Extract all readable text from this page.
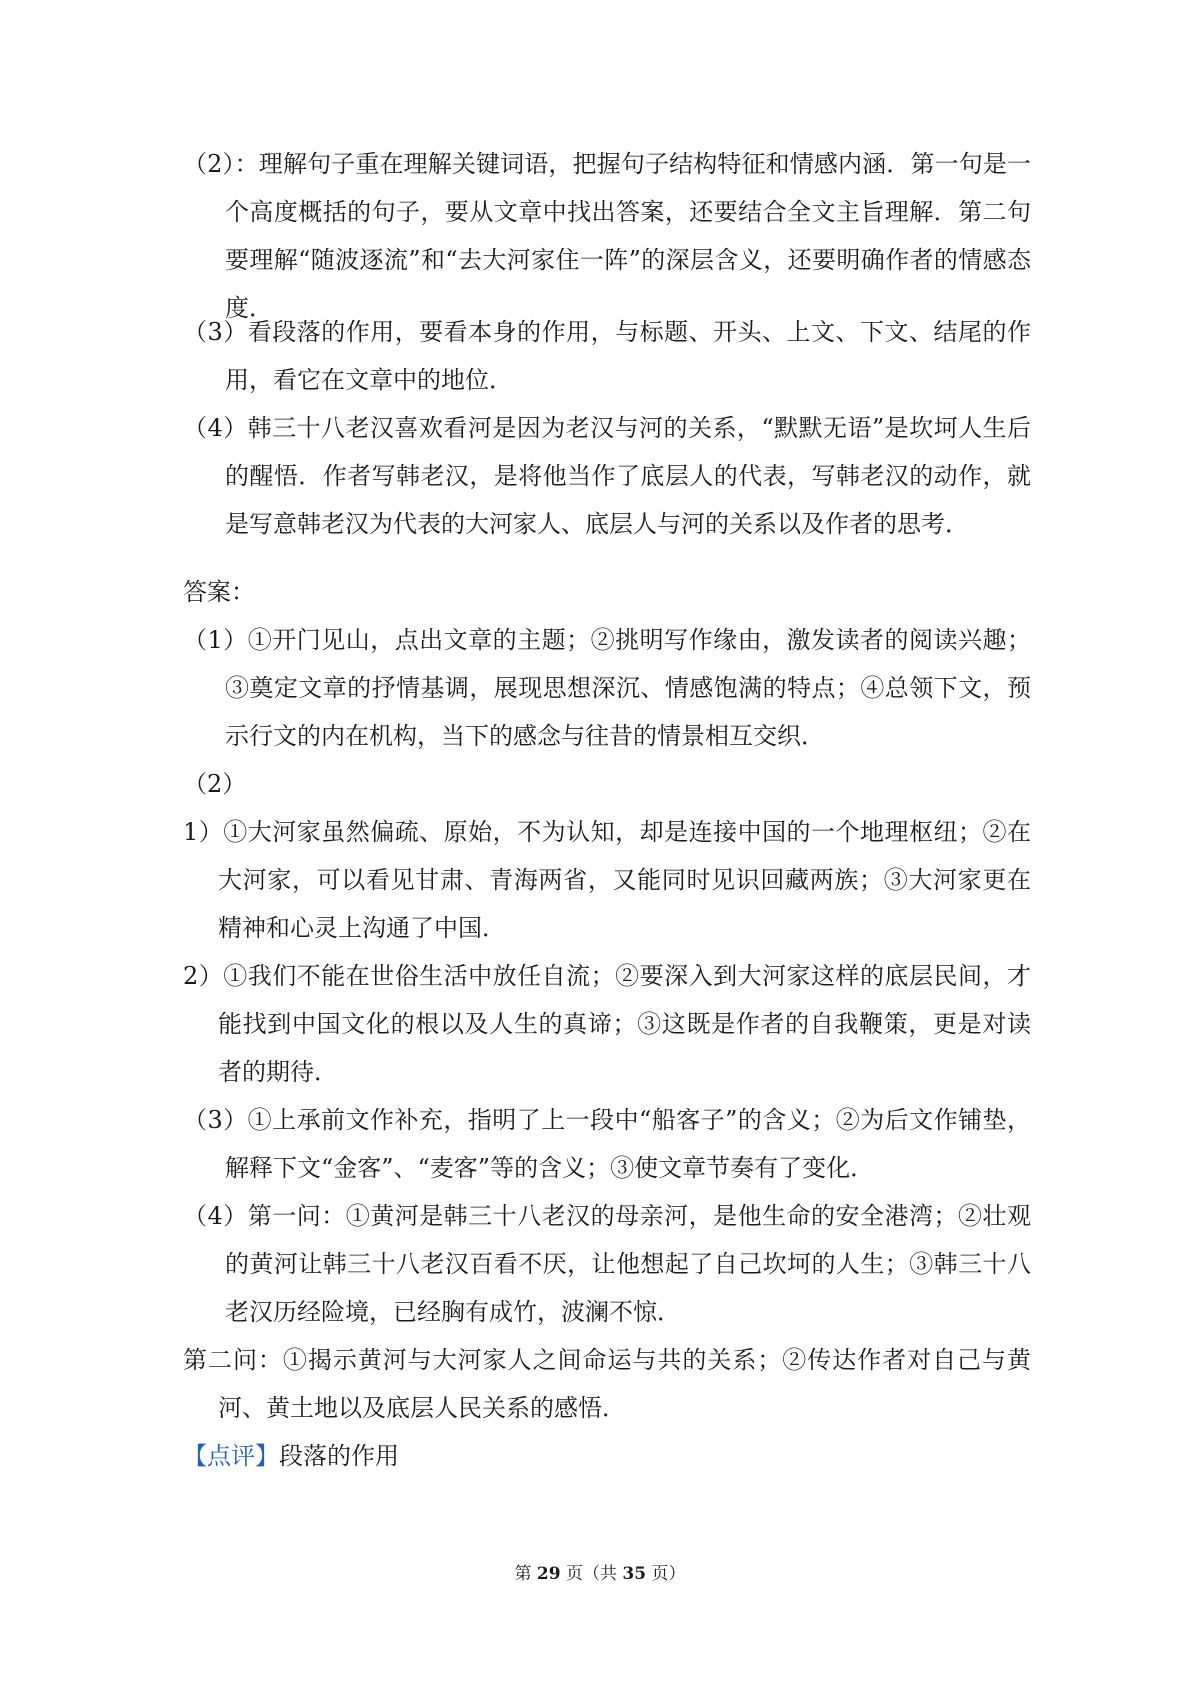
（2）：理解句子重在理解关键词语，把握句子结构特征和情感内涵．第一句是一个高度概括的句子，要从文章中找出答案，还要结合全文主旨理解．第二句要理解“随波逐流”和“去大河家住一阵”的深层含义，还要明确作者的情感态度．
（3）看段落的作用，要看本身的作用，与标题、开头、上文、下文、结尾的作用，看它在文章中的地位．
（4）韩三十八老汉喜欢看河是因为老汉与河的关系，“默默无语”是坎坷人生后的醒悟．作者写韩老汉，是将他当作了底层人的代表，写韩老汉的动作，就是写意韩老汉为代表的大河家人、底层人与河的关系以及作者的思考．
答案：
（1）①开门见山，点出文章的主题；②挑明写作缘由，激发读者的阅读兴趣；③奠定文章的抒情基调，展现思想深沉、情感饱满的特点；④总领下文，预示行文的内在机构，当下的感念与往昔的情景相互交织．
（2）
1）①大河家虽然偏疏、原始，不为认知，却是连接中国的一个地理枢纽；②在大河家，可以看见甘肃、青海两省，又能同时见识回藏两族；③大河家更在精神和心灵上沟通了中国．
2）①我们不能在世俗生活中放任自流；②要深入到大河家这样的底层民间，才能找到中国文化的根以及人生的真谛；③这既是作者的自我鞭策，更是对读者的期待．
（3）①上承前文作补充，指明了上一段中“船客子”的含义；②为后文作铺垫，解释下文“金客”、“麦客”等的含义；③使文章节奏有了变化．
（4）第一问：①黄河是韩三十八老汉的母亲河，是他生命的安全港湾；②壮观的黄河让韩三十八老汉百看不厌，让他想起了自己坎坷的人生；③韩三十八老汉历经险境，已经胸有成竹，波澜不惊．
第二问：①揭示黄河与大河家人之间命运与共的关系；②传达作者对自己与黄河、黄土地以及底层人民关系的感悟．
【点评】段落的作用
第 29 页（共 35 页）
